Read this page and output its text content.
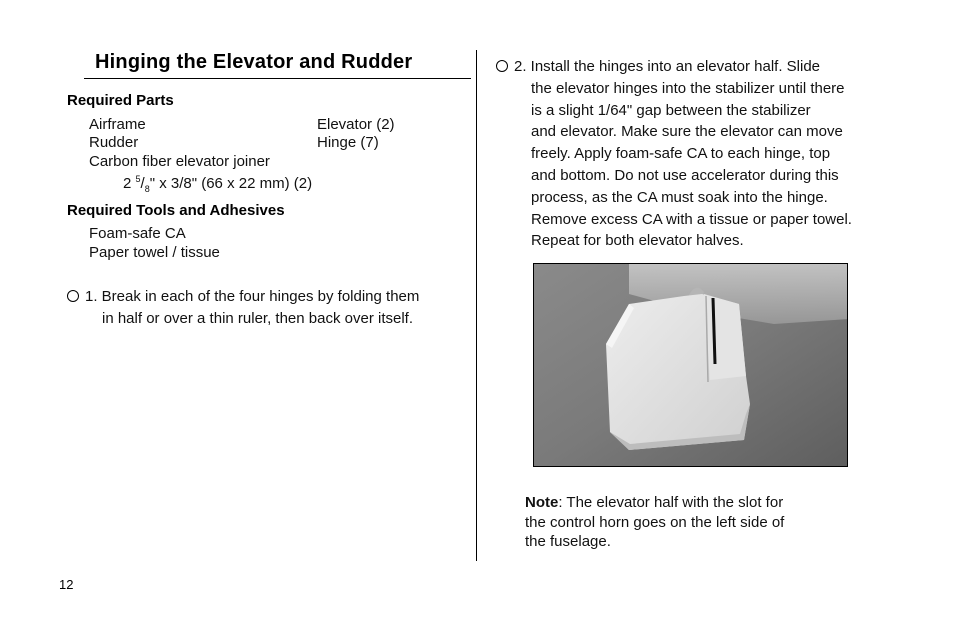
Hinging the Elevator and Rudder
Required Parts
Airframe	Elevator (2)
Rudder	Hinge (7)
Carbon fiber elevator joiner
2 $^5/_8$" x 3/8" (66 x 22 mm) (2)
Required Tools and Adhesives
Foam-safe CA
Paper towel / tissue
1. Break in each of the four hinges by folding them
in half or over a thin ruler, then back over itself.
2. Install the hinges into an elevator half. Slide
the elevator hinges into the stabilizer until there
is a slight 1/64" gap between the stabilizer
and elevator. Make sure the elevator can move
freely. Apply foam-safe CA to each hinge, top
and bottom. Do not use accelerator during this
process, as the CA must soak into the hinge.
Remove excess CA with a tissue or paper towel.
Repeat for both elevator halves.
Note: The elevator half with the slot for
the control horn goes on the left side of
the fuselage.
12
